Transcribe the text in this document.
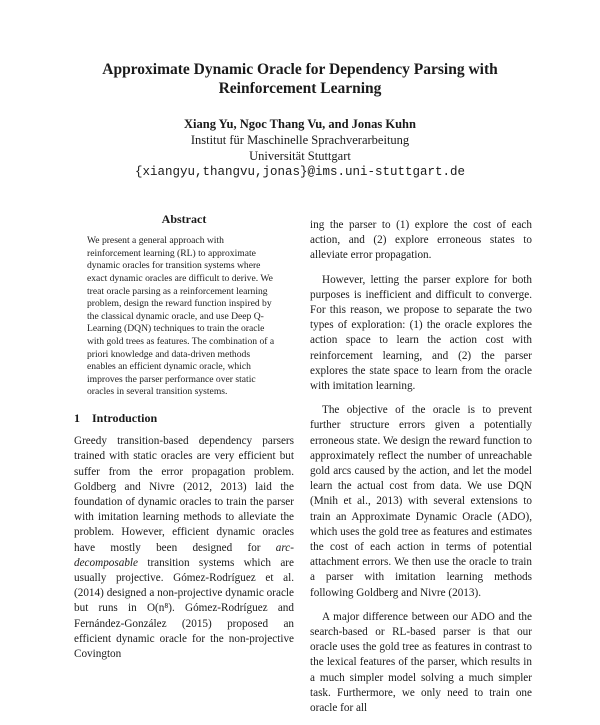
Approximate Dynamic Oracle for Dependency Parsing with
Reinforcement Learning
Xiang Yu, Ngoc Thang Vu, and Jonas Kuhn
Institut für Maschinelle Sprachverarbeitung
Universität Stuttgart
{xiangyu,thangvu,jonas}@ims.uni-stuttgart.de
Abstract
We present a general approach with reinforcement learning (RL) to approximate dynamic oracles for transition systems where exact dynamic oracles are difficult to derive. We treat oracle parsing as a reinforcement learning problem, design the reward function inspired by the classical dynamic oracle, and use Deep Q-Learning (DQN) techniques to train the oracle with gold trees as features. The combination of a priori knowledge and data-driven methods enables an efficient dynamic oracle, which improves the parser performance over static oracles in several transition systems.
1 Introduction
Greedy transition-based dependency parsers trained with static oracles are very efficient but suffer from the error propagation problem. Goldberg and Nivre (2012, 2013) laid the foundation of dynamic oracles to train the parser with imitation learning methods to alleviate the problem. However, efficient dynamic oracles have mostly been designed for arc-decomposable transition systems which are usually projective. Gómez-Rodríguez et al. (2014) designed a non-projective dynamic oracle but runs in O(n⁸). Gómez-Rodríguez and Fernández-González (2015) proposed an efficient dynamic oracle for the non-projective Covington
ing the parser to (1) explore the cost of each action, and (2) explore erroneous states to alleviate error propagation.
However, letting the parser explore for both purposes is inefficient and difficult to converge. For this reason, we propose to separate the two types of exploration: (1) the oracle explores the action space to learn the action cost with reinforcement learning, and (2) the parser explores the state space to learn from the oracle with imitation learning.
The objective of the oracle is to prevent further structure errors given a potentially erroneous state. We design the reward function to approximately reflect the number of unreachable gold arcs caused by the action, and let the model learn the actual cost from data. We use DQN (Mnih et al., 2013) with several extensions to train an Approximate Dynamic Oracle (ADO), which uses the gold tree as features and estimates the cost of each action in terms of potential attachment errors. We then use the oracle to train a parser with imitation learning methods following Goldberg and Nivre (2013).
A major difference between our ADO and the search-based or RL-based parser is that our oracle uses the gold tree as features in contrast to the lexical features of the parser, which results in a much simpler model solving a much simpler task. Furthermore, we only need to train one oracle for all
